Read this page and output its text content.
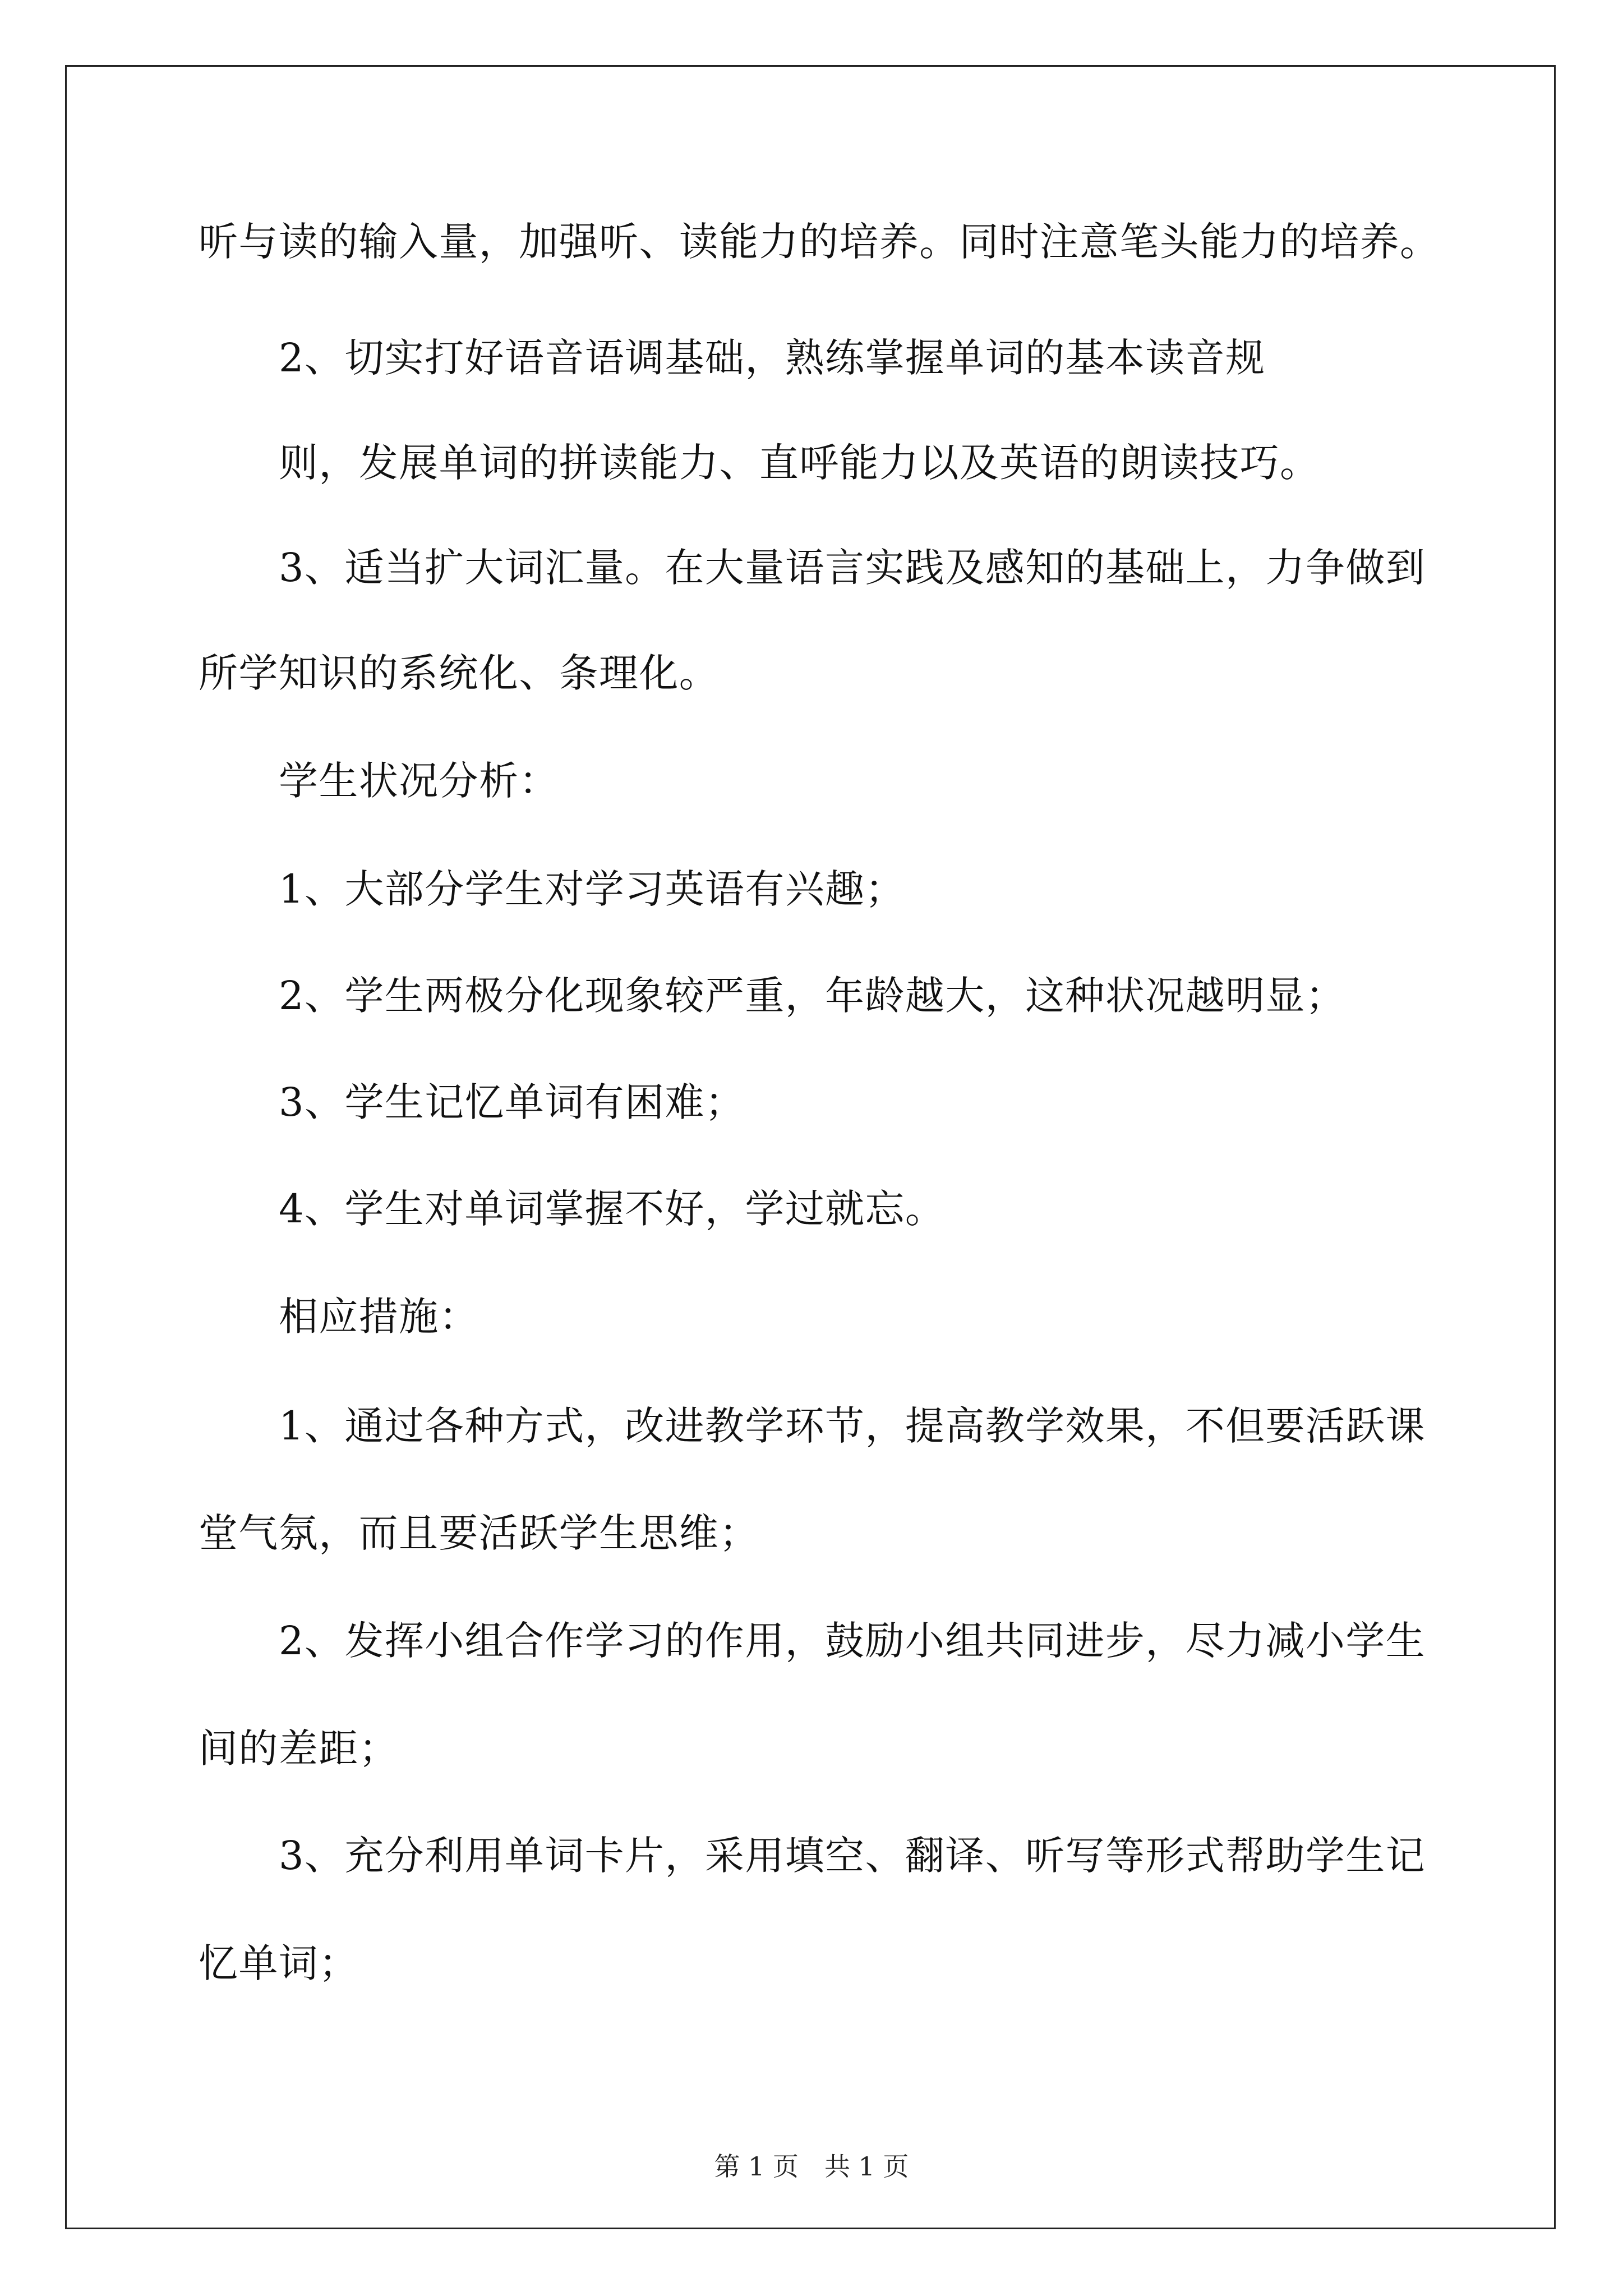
听与读的输入量，加强听、读能力的培养。同时注意笔头能力的培养。

2、切实打好语音语调基础，熟练掌握单词的基本读音规

则，发展单词的拼读能力、直呼能力以及英语的朗读技巧。

3、适当扩大词汇量。在大量语言实践及感知的基础上，力争做到

所学知识的系统化、条理化。

学生状况分析：

1、大部分学生对学习英语有兴趣；

2、学生两极分化现象较严重，年龄越大，这种状况越明显；

3、学生记忆单词有困难；

4、学生对单词掌握不好，学过就忘。

相应措施：

1、通过各种方式，改进教学环节，提高教学效果，不但要活跃课

堂气氛，而且要活跃学生思维；

2、发挥小组合作学习的作用，鼓励小组共同进步，尽力减小学生

间的差距；

3、充分利用单词卡片，采用填空、翻译、听写等形式帮助学生记

忆单词；

第 1 页　共 1 页
